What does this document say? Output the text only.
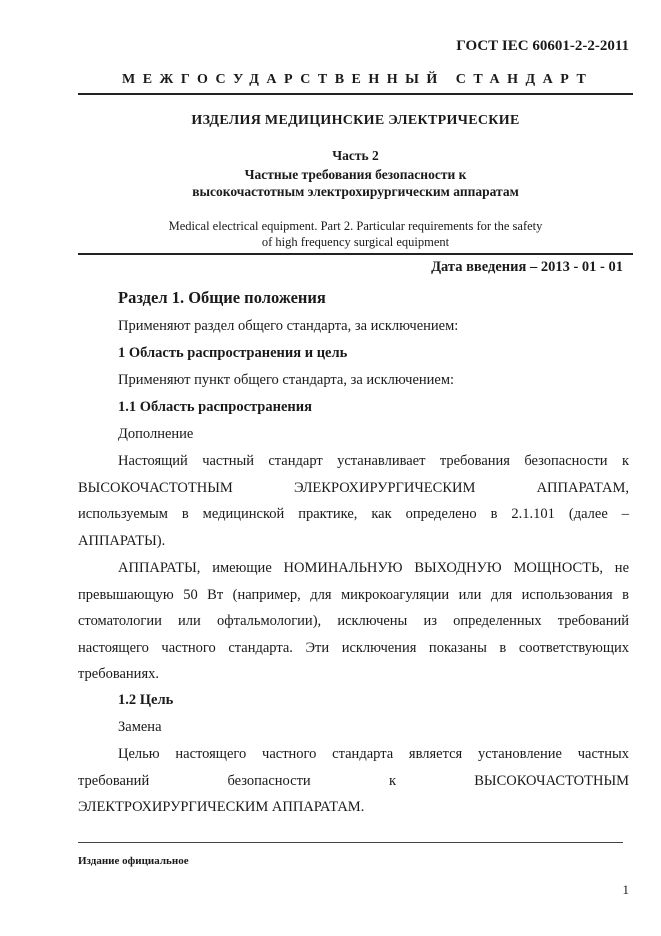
ГОСТ IEC 60601-2-2-2011
МЕЖГОСУДАРСТВЕННЫЙ СТАНДАРТ
ИЗДЕЛИЯ МЕДИЦИНСКИЕ ЭЛЕКТРИЧЕСКИЕ
Часть 2
Частные требования безопасности к
высокочастотным электрохирургическим аппаратам
Medical electrical equipment. Part 2. Particular requirements for the safety
of high frequency surgical equipment
Дата введения – 2013 - 01 - 01
Раздел 1. Общие положения
Применяют раздел общего стандарта, за исключением:
1 Область распространения и цель
Применяют пункт общего стандарта, за исключением:
1.1 Область распространения
Дополнение
Настоящий частный стандарт устанавливает требования безопасности к
ВЫСОКОЧАСТОТНЫМ ЭЛЕКРОХИРУРГИЧЕСКИМ АППАРАТАМ,
используемым в медицинской практике, как определено в 2.1.101 (далее –
АППАРАТЫ).
АППАРАТЫ, имеющие НОМИНАЛЬНУЮ ВЫХОДНУЮ МОЩНОСТЬ, не
превышающую 50 Вт (например, для микрокоагуляции или для использования в
стоматологии или офтальмологии), исключены из определенных требований
настоящего частного стандарта. Эти исключения показаны в соответствующих
требованиях.
1.2 Цель
Замена
Целью настоящего частного стандарта является установление частных
требований безопасности к ВЫСОКОЧАСТОТНЫМ
ЭЛЕКТРОХИРУРГИЧЕСКИМ АППАРАТАМ.
Издание официальное
1
